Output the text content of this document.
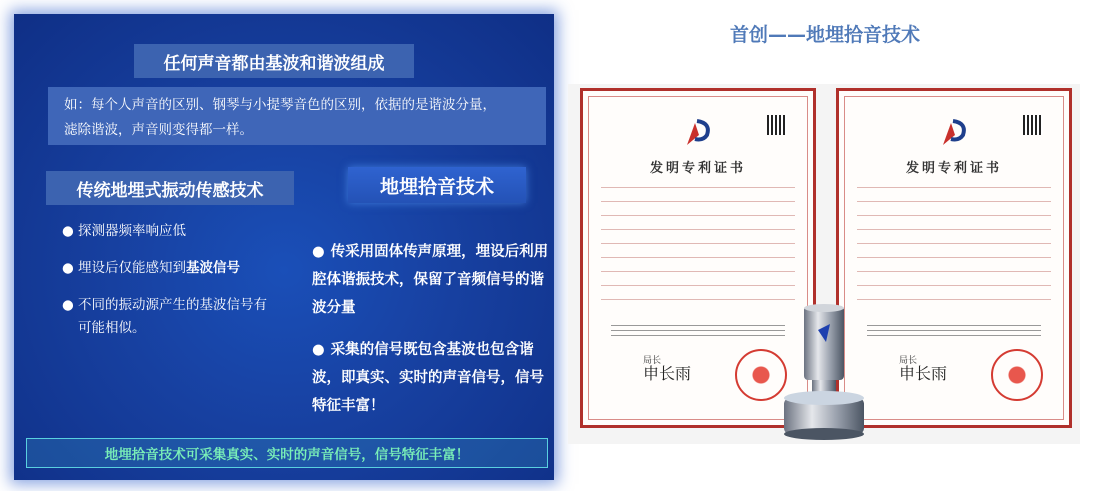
任何声音都由基波和谐波组成
如：每个人声音的区别、钢琴与小提琴音色的区别，依据的是谐波分量，
滤除谐波，声音则变得都一样。
传统地埋式振动传感技术	地埋拾音技术
● 探测器频率响应低
● 埋设后仅能感知到基波信号
● 不同的振动源产生的基波信号有可能相似。
● 传采用固体传声原理，埋设后利用腔体谐振技术，保留了音频信号的谐波分量
● 采集的信号既包含基波也包含谐波，即真实、实时的声音信号，信号特征丰富！
地埋拾音技术可采集真实、实时的声音信号，信号特征丰富！
首创——地埋拾音技术
发明专利证书
局长
申长雨
发明专利证书
局长
申长雨
